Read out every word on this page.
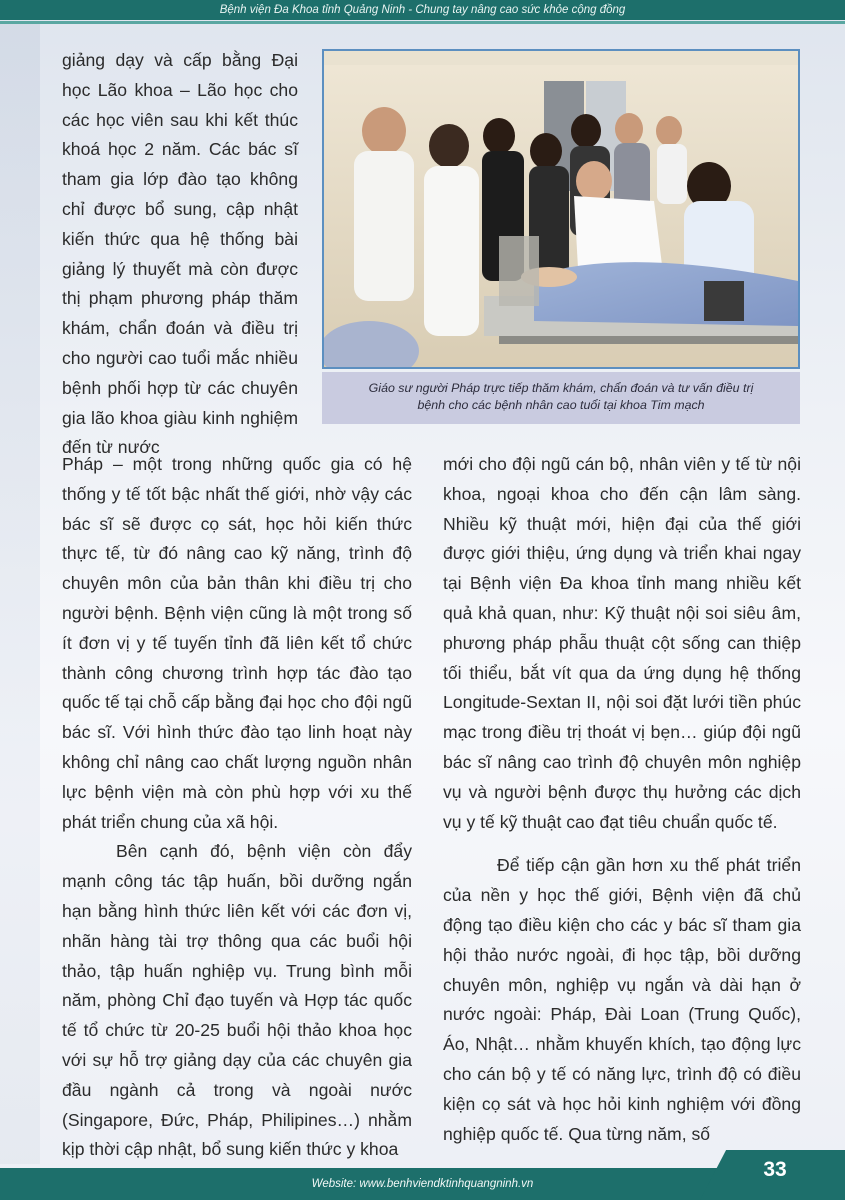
Bệnh viện Đa Khoa tỉnh Quảng Ninh - Chung tay nâng cao sức khỏe cộng đồng

giảng dạy và cấp bằng Đại học Lão khoa – Lão học cho các học viên sau khi kết thúc khoá học 2 năm. Các bác sĩ tham gia lớp đào tạo không chỉ được bổ sung, cập nhật kiến thức qua hệ thống bài giảng lý thuyết mà còn được thị phạm phương pháp thăm khám, chẩn đoán và điều trị cho người cao tuổi mắc nhiều bệnh phối hợp từ các chuyên gia lão khoa giàu kinh nghiệm đến từ nước

Giáo sư người Pháp trực tiếp thăm khám, chẩn đoán và tư vấn điều trị
bệnh cho các bệnh nhân cao tuổi tại khoa Tim mạch

Pháp – một trong những quốc gia có hệ thống y tế tốt bậc nhất thế giới, nhờ vậy các bác sĩ sẽ được cọ sát, học hỏi kiến thức thực tế, từ đó nâng cao kỹ năng, trình độ chuyên môn của bản thân khi điều trị cho người bệnh. Bệnh viện cũng là một trong số ít đơn vị y tế tuyến tỉnh đã liên kết tổ chức thành công chương trình hợp tác đào tạo quốc tế tại chỗ cấp bằng đại học cho đội ngũ bác sĩ. Với hình thức đào tạo linh hoạt này không chỉ nâng cao chất lượng nguồn nhân lực bệnh viện mà còn phù hợp với xu thế phát triển chung của xã hội.

Bên cạnh đó, bệnh viện còn đẩy mạnh công tác tập huấn, bồi dưỡng ngắn hạn bằng hình thức liên kết với các đơn vị, nhãn hàng tài trợ thông qua các buổi hội thảo, tập huấn nghiệp vụ. Trung bình mỗi năm, phòng Chỉ đạo tuyến và Hợp tác quốc tế tổ chức từ 20-25 buổi hội thảo khoa học với sự hỗ trợ giảng dạy của các chuyên gia đầu ngành cả trong và ngoài nước (Singapore, Đức, Pháp, Philipines…) nhằm kịp thời cập nhật, bổ sung kiến thức y khoa

mới cho đội ngũ cán bộ, nhân viên y tế từ nội khoa, ngoại khoa cho đến cận lâm sàng. Nhiều kỹ thuật mới, hiện đại của thế giới được giới thiệu, ứng dụng và triển khai ngay tại Bệnh viện Đa khoa tỉnh mang nhiều kết quả khả quan, như: Kỹ thuật nội soi siêu âm, phương pháp phẫu thuật cột sống can thiệp tối thiểu, bắt vít qua da ứng dụng hệ thống Longitude-Sextan II, nội soi đặt lưới tiền phúc mạc trong điều trị thoát vị bẹn… giúp đội ngũ bác sĩ nâng cao trình độ chuyên môn nghiệp vụ và người bệnh được thụ hưởng các dịch vụ y tế kỹ thuật cao đạt tiêu chuẩn quốc tế.

Để tiếp cận gần hơn xu thế phát triển của nền y học thế giới, Bệnh viện đã chủ động tạo điều kiện cho các y bác sĩ tham gia hội thảo nước ngoài, đi học tập, bồi dưỡng chuyên môn, nghiệp vụ ngắn và dài hạn ở nước ngoài: Pháp, Đài Loan (Trung Quốc), Áo, Nhật… nhằm khuyến khích, tạo động lực cho cán bộ y tế có năng lực, trình độ có điều kiện cọ sát và học hỏi kinh nghiệm với đồng nghiệp quốc tế. Qua từng năm, số

Website: www.benhviendktinhquangninh.vn
33
